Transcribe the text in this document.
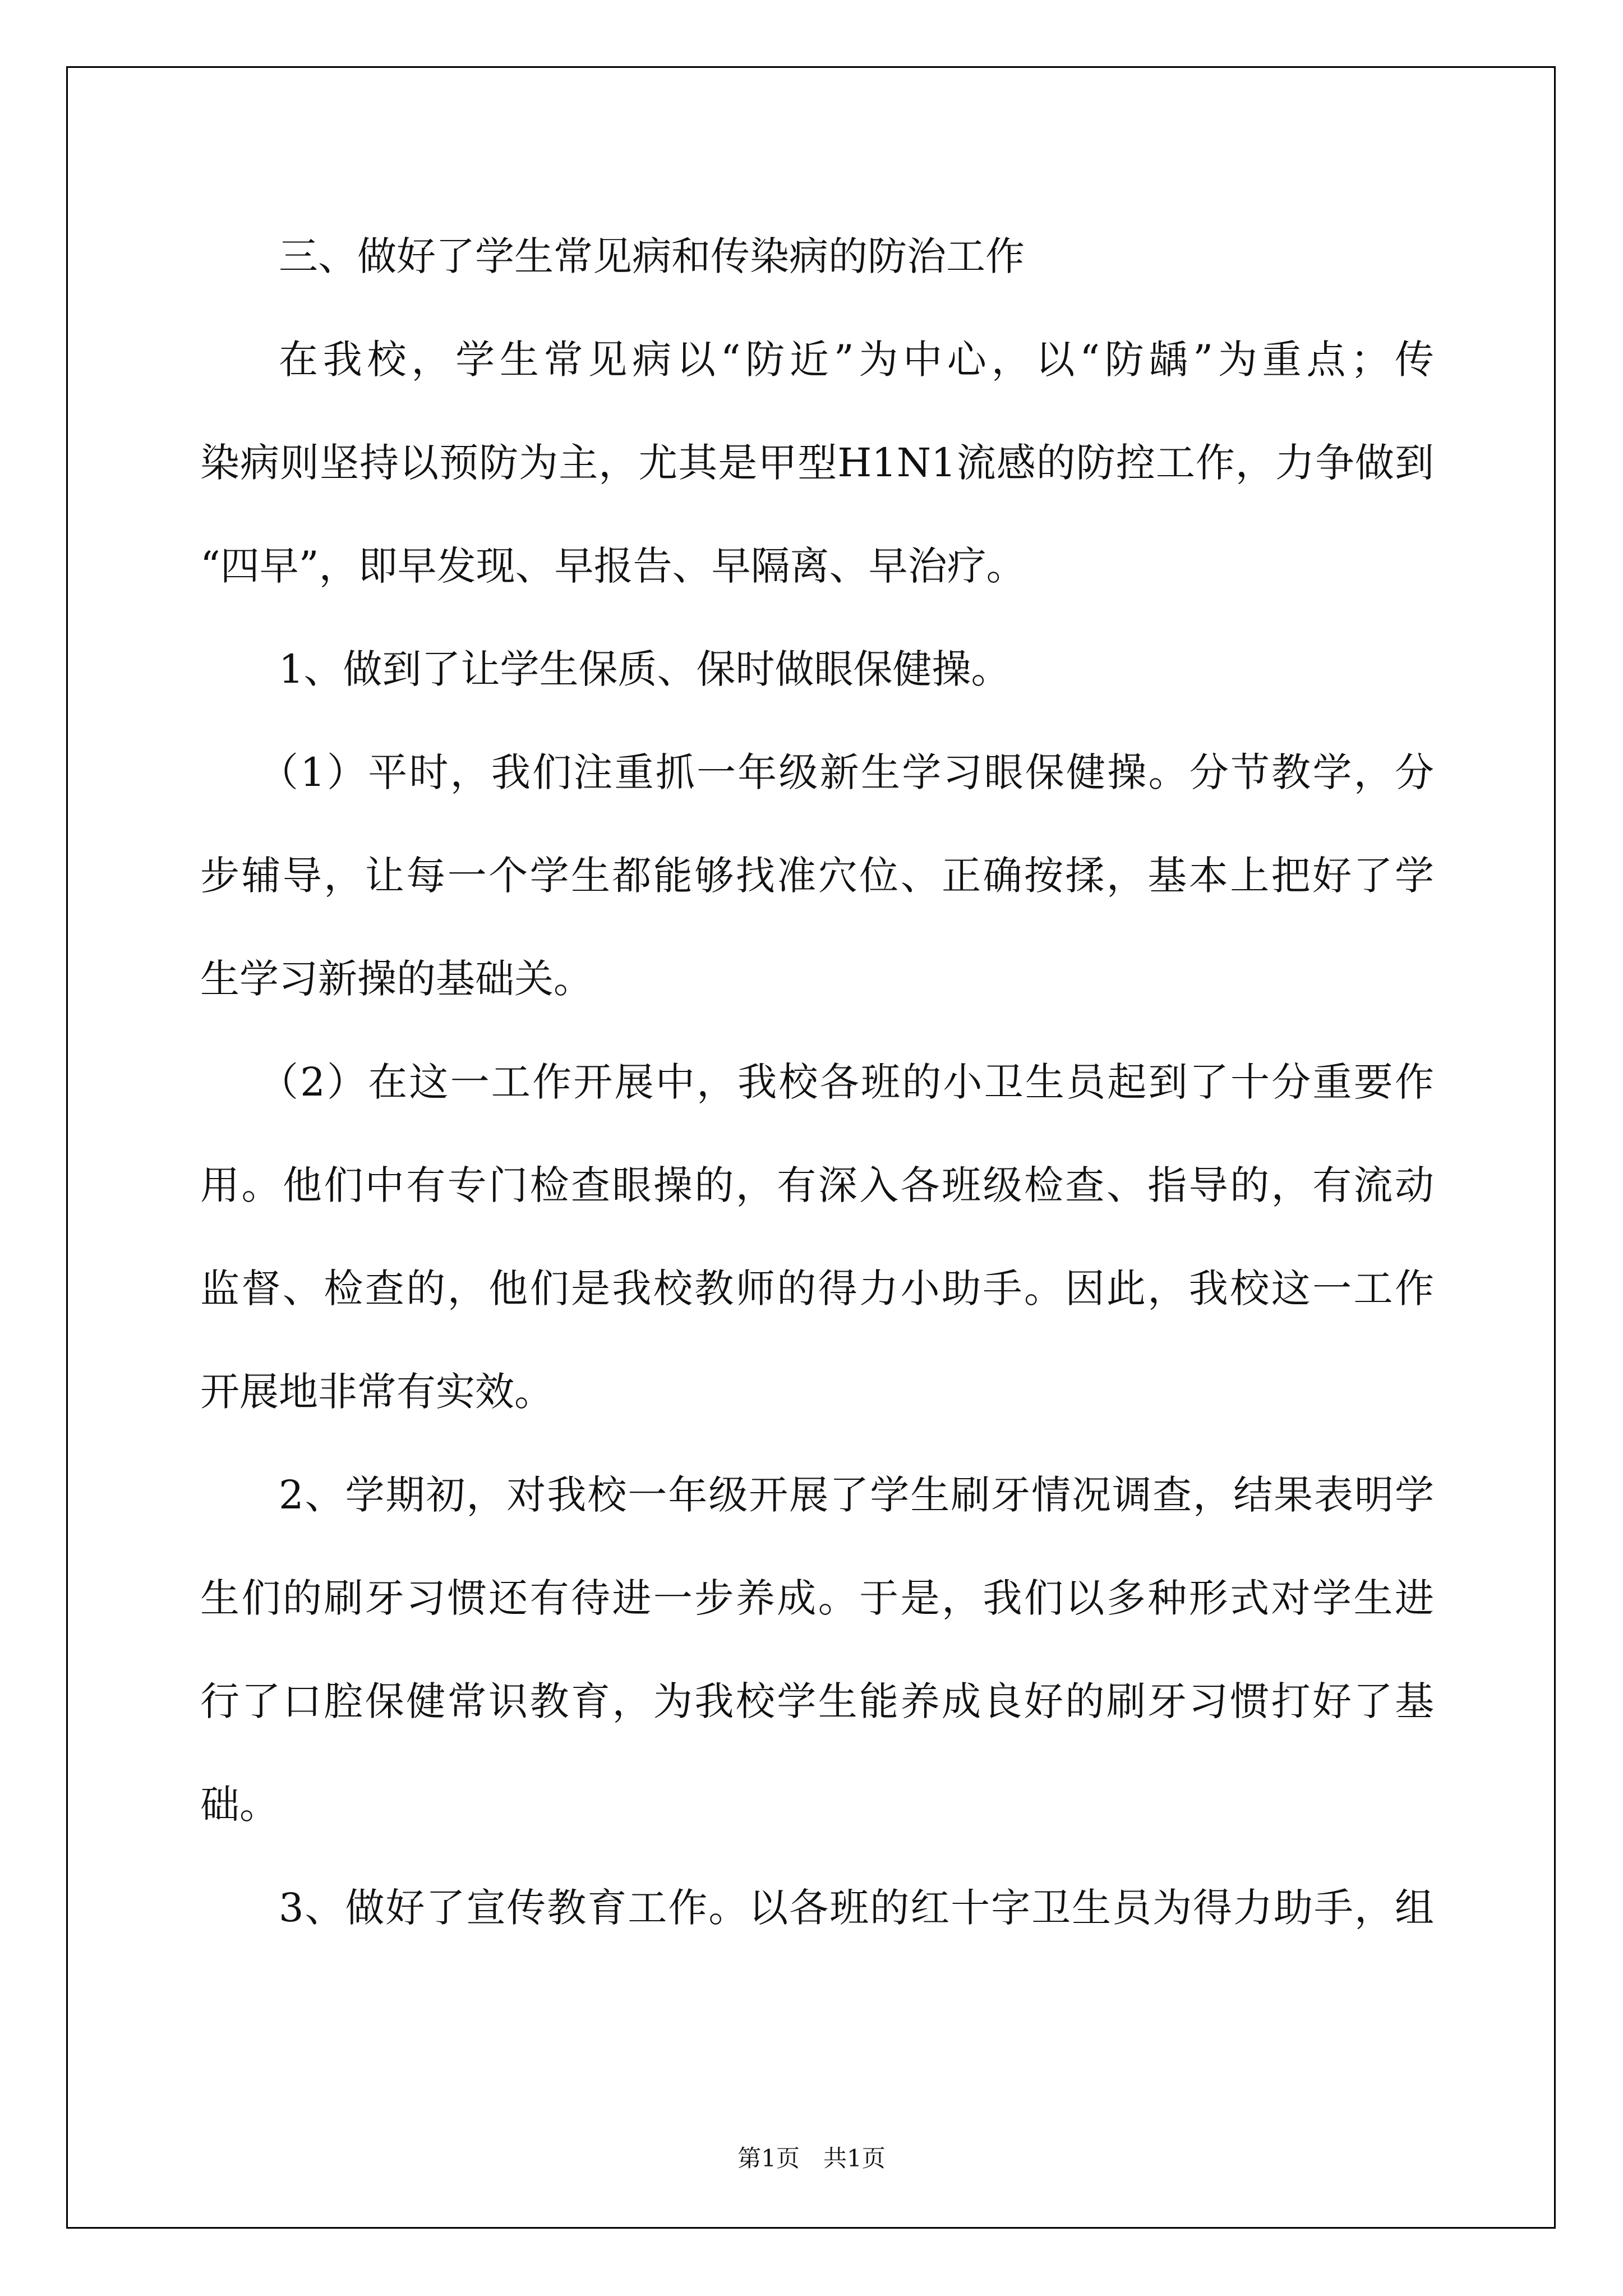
三、做好了学生常见病和传染病的防治工作
在我校，学生常见病以“防近”为中心，以“防龋”为重点；传
染病则坚持以预防为主，尤其是甲型H1N1流感的防控工作，力争做到
“四早”，即早发现、早报告、早隔离、早治疗。
1、做到了让学生保质、保时做眼保健操。
（1）平时，我们注重抓一年级新生学习眼保健操。分节教学，分
步辅导，让每一个学生都能够找准穴位、正确按揉，基本上把好了学
生学习新操的基础关。
（2）在这一工作开展中，我校各班的小卫生员起到了十分重要作
用。他们中有专门检查眼操的，有深入各班级检查、指导的，有流动
监督、检查的，他们是我校教师的得力小助手。因此，我校这一工作
开展地非常有实效。
2、学期初，对我校一年级开展了学生刷牙情况调查，结果表明学
生们的刷牙习惯还有待进一步养成。于是，我们以多种形式对学生进
行了口腔保健常识教育，为我校学生能养成良好的刷牙习惯打好了基
础。
3、做好了宣传教育工作。以各班的红十字卫生员为得力助手，组
第1页　共1页
